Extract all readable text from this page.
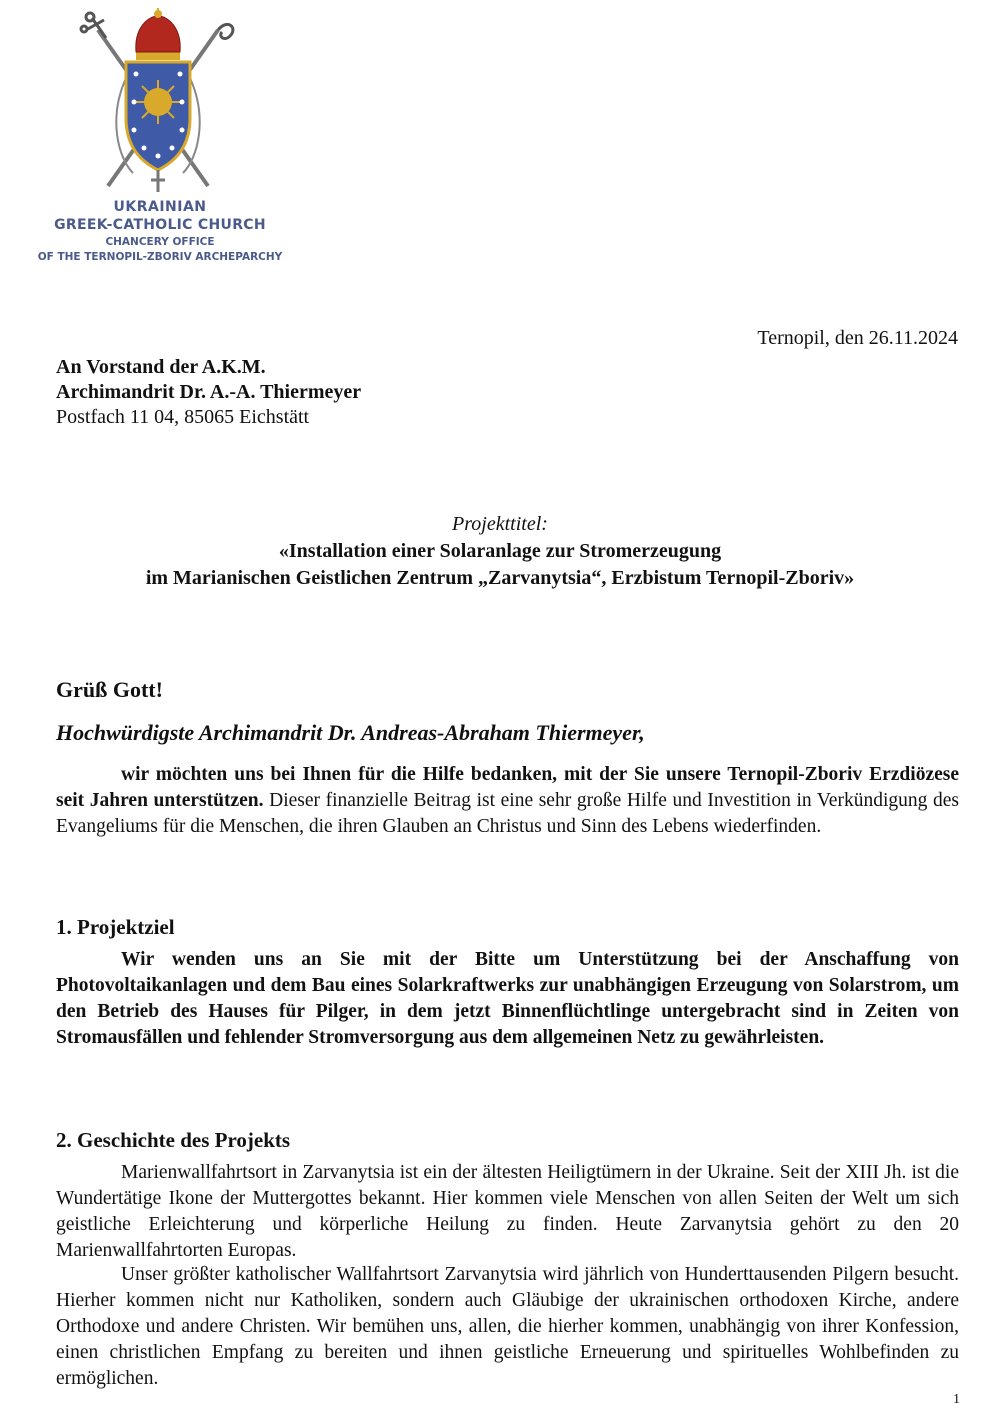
UKRAINIAN
GREEK-CATHOLIC CHURCH
CHANCERY OFFICE
OF THE TERNOPIL-ZBORIV ARCHEPARCHY
Ternopil, den 26.11.2024
An Vorstand der A.K.M.
Archimandrit Dr. A.-A. Thiermeyer
Postfach 11 04, 85065 Eichstätt
Projekttitel:
«Installation einer Solaranlage zur Stromerzeugung
im Marianischen Geistlichen Zentrum „Zarvanytsia“, Erzbistum Ternopil-Zboriv»
Grüß Gott!
Hochwürdigste Archimandrit Dr. Andreas-Abraham Thiermeyer,
wir möchten uns bei Ihnen für die Hilfe bedanken, mit der Sie unsere Ternopil-Zboriv Erzdiözese seit Jahren unterstützen. Dieser finanzielle Beitrag ist eine sehr große Hilfe und Investition in Verkündigung des Evangeliums für die Menschen, die ihren Glauben an Christus und Sinn des Lebens wiederfinden.
1. Projektziel
Wir wenden uns an Sie mit der Bitte um Unterstützung bei der Anschaffung von Photovoltaikanlagen und dem Bau eines Solarkraftwerks zur unabhängigen Erzeugung von Solarstrom, um den Betrieb des Hauses für Pilger, in dem jetzt Binnenflüchtlinge untergebracht sind in Zeiten von Stromausfällen und fehlender Stromversorgung aus dem allgemeinen Netz zu gewährleisten.
2. Geschichte des Projekts
Marienwallfahrtsort in Zarvanytsia ist ein der ältesten Heiligtümern in der Ukraine. Seit der XIII Jh. ist die Wundertätige Ikone der Muttergottes bekannt. Hier kommen viele Menschen von allen Seiten der Welt um sich geistliche Erleichterung und körperliche Heilung zu finden. Heute Zarvanytsia gehört zu den 20 Marienwallfahrtorten Europas.
Unser größter katholischer Wallfahrtsort Zarvanytsia wird jährlich von Hunderttausenden Pilgern besucht. Hierher kommen nicht nur Katholiken, sondern auch Gläubige der ukrainischen orthodoxen Kirche, andere Orthodoxe und andere Christen. Wir bemühen uns, allen, die hierher kommen, unabhängig von ihrer Konfession, einen christlichen Empfang zu bereiten und ihnen geistliche Erneuerung und spirituelles Wohlbefinden zu ermöglichen.
1
